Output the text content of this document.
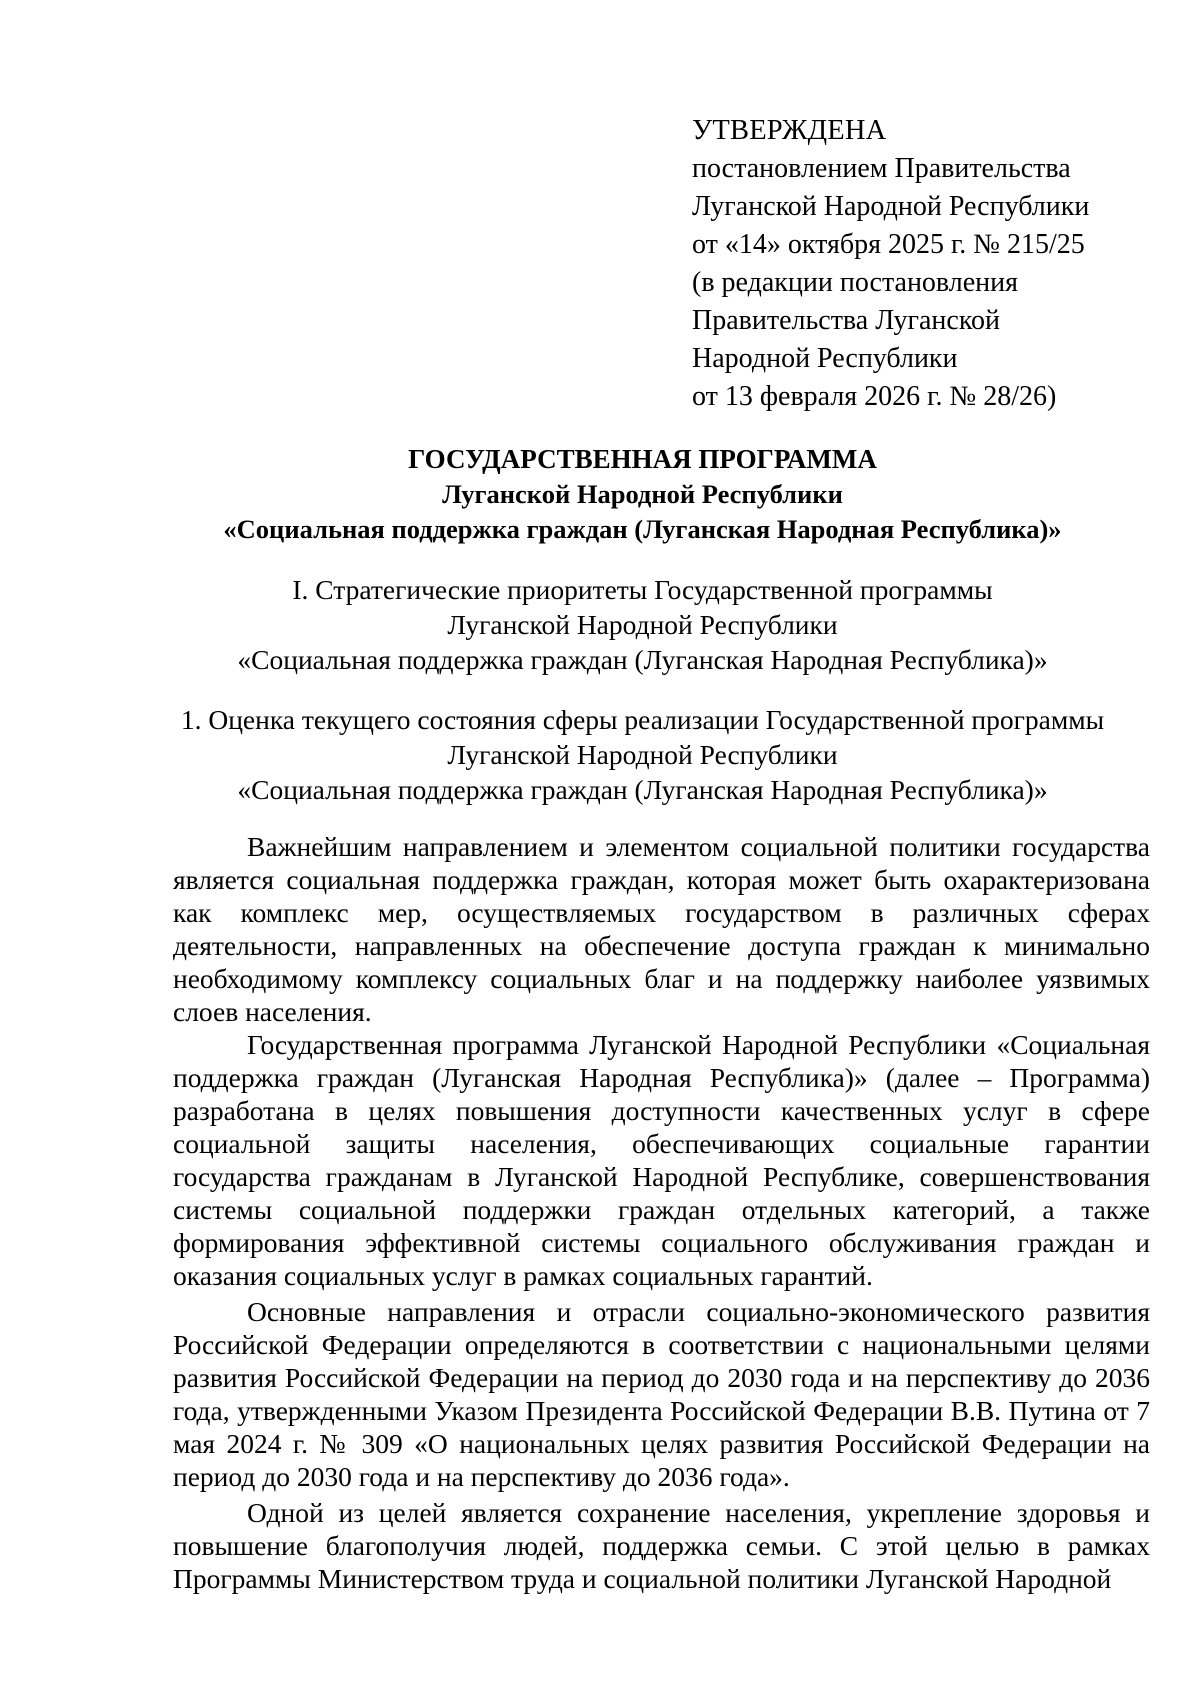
УТВЕРЖДЕНА
постановлением Правительства
Луганской Народной Республики
от «14» октября 2025 г. № 215/25
(в редакции постановления
Правительства Луганской
Народной Республики
от 13 февраля 2026 г. № 28/26)
ГОСУДАРСТВЕННАЯ ПРОГРАММА
Луганской Народной Республики
«Социальная поддержка граждан (Луганская Народная Республика)»
I. Стратегические приоритеты Государственной программы
Луганской Народной Республики
«Социальная поддержка граждан (Луганская Народная Республика)»
1. Оценка текущего состояния сферы реализации Государственной программы
Луганской Народной Республики
«Социальная поддержка граждан (Луганская Народная Республика)»

Важнейшим направлением и элементом социальной политики государства является социальная поддержка граждан, которая может быть охарактеризована как комплекс мер, осуществляемых государством в различных сферах деятельности, направленных на обеспечение доступа граждан к минимально необходимому комплексу социальных благ и на поддержку наиболее уязвимых слоев населения.

Государственная программа Луганской Народной Республики «Социальная поддержка граждан (Луганская Народная Республика)» (далее – Программа) разработана в целях повышения доступности качественных услуг в сфере социальной защиты населения, обеспечивающих социальные гарантии государства гражданам в Луганской Народной Республике, совершенствования системы социальной поддержки граждан отдельных категорий, а также формирования эффективной системы социального обслуживания граждан и оказания социальных услуг в рамках социальных гарантий.

Основные направления и отрасли социально-экономического развития Российской Федерации определяются в соответствии с национальными целями развития Российской Федерации на период до 2030 года и на перспективу до 2036 года, утвержденными Указом Президента Российской Федерации В.В. Путина от 7 мая 2024 г. № 309 «О национальных целях развития Российской Федерации на период до 2030 года и на перспективу до 2036 года».

Одной из целей является сохранение населения, укрепление здоровья и повышение благополучия людей, поддержка семьи. С этой целью в рамках Программы Министерством труда и социальной политики Луганской Народной
